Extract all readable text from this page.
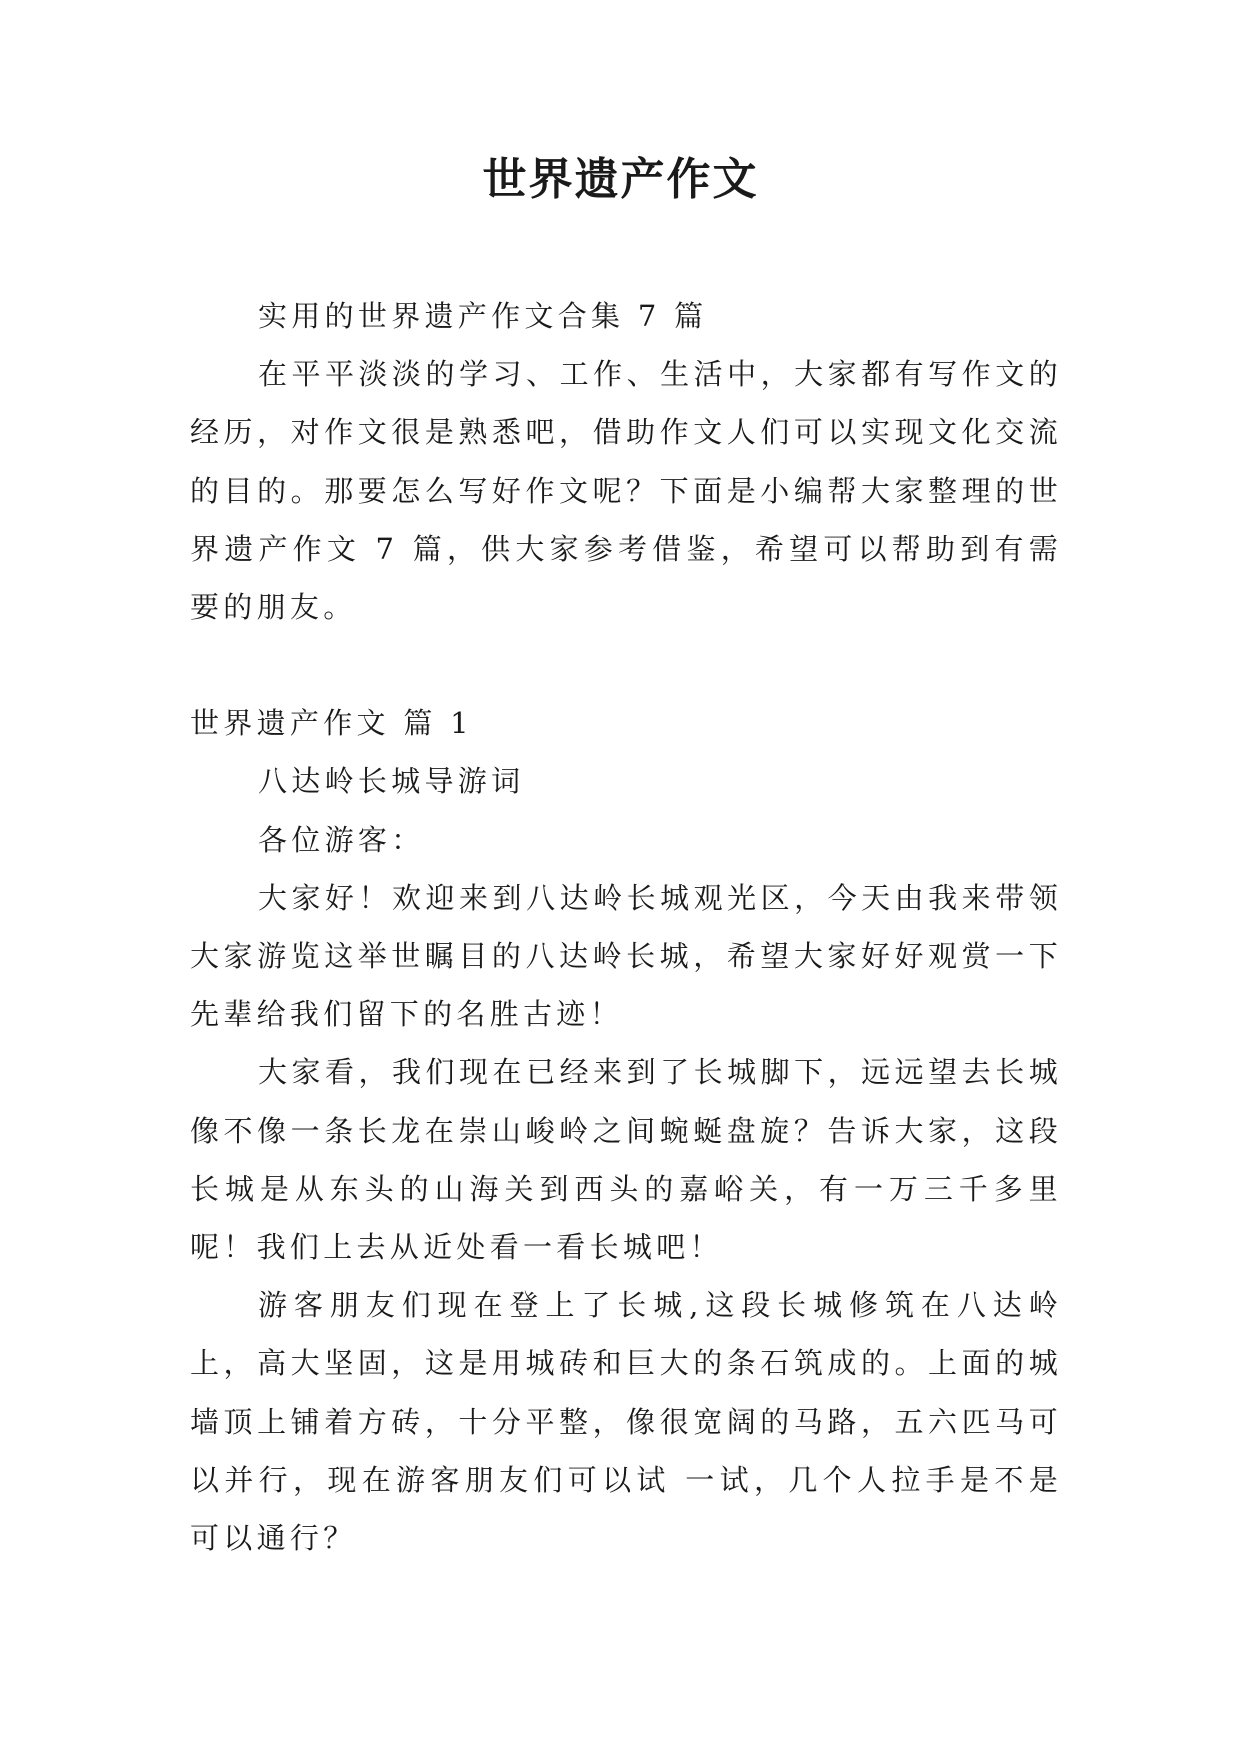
世界遗产作文

实用的世界遗产作文合集 7 篇

在平平淡淡的学习、工作、生活中，大家都有写作文的经历，对作文很是熟悉吧，借助作文人们可以实现文化交流的目的。那要怎么写好作文呢？下面是小编帮大家整理的世界遗产作文 7 篇，供大家参考借鉴，希望可以帮助到有需要的朋友。

世界遗产作文 篇 1

八达岭长城导游词

各位游客：

大家好！欢迎来到八达岭长城观光区，今天由我来带领大家游览这举世瞩目的八达岭长城，希望大家好好观赏一下先辈给我们留下的名胜古迹！

大家看，我们现在已经来到了长城脚下，远远望去长城像不像一条长龙在崇山峻岭之间蜿蜒盘旋？告诉大家，这段长城是从东头的山海关到西头的嘉峪关，有一万三千多里呢！我们上去从近处看一看长城吧！

游客朋友们现在登上了长城,这段长城修筑在八达岭上，高大坚固，这是用城砖和巨大的条石筑成的。上面的城墙顶上铺着方砖，十分平整，像很宽阔的马路，五六匹马可以并行，现在游客朋友们可以试 一试，几个人拉手是不是可以通行？
